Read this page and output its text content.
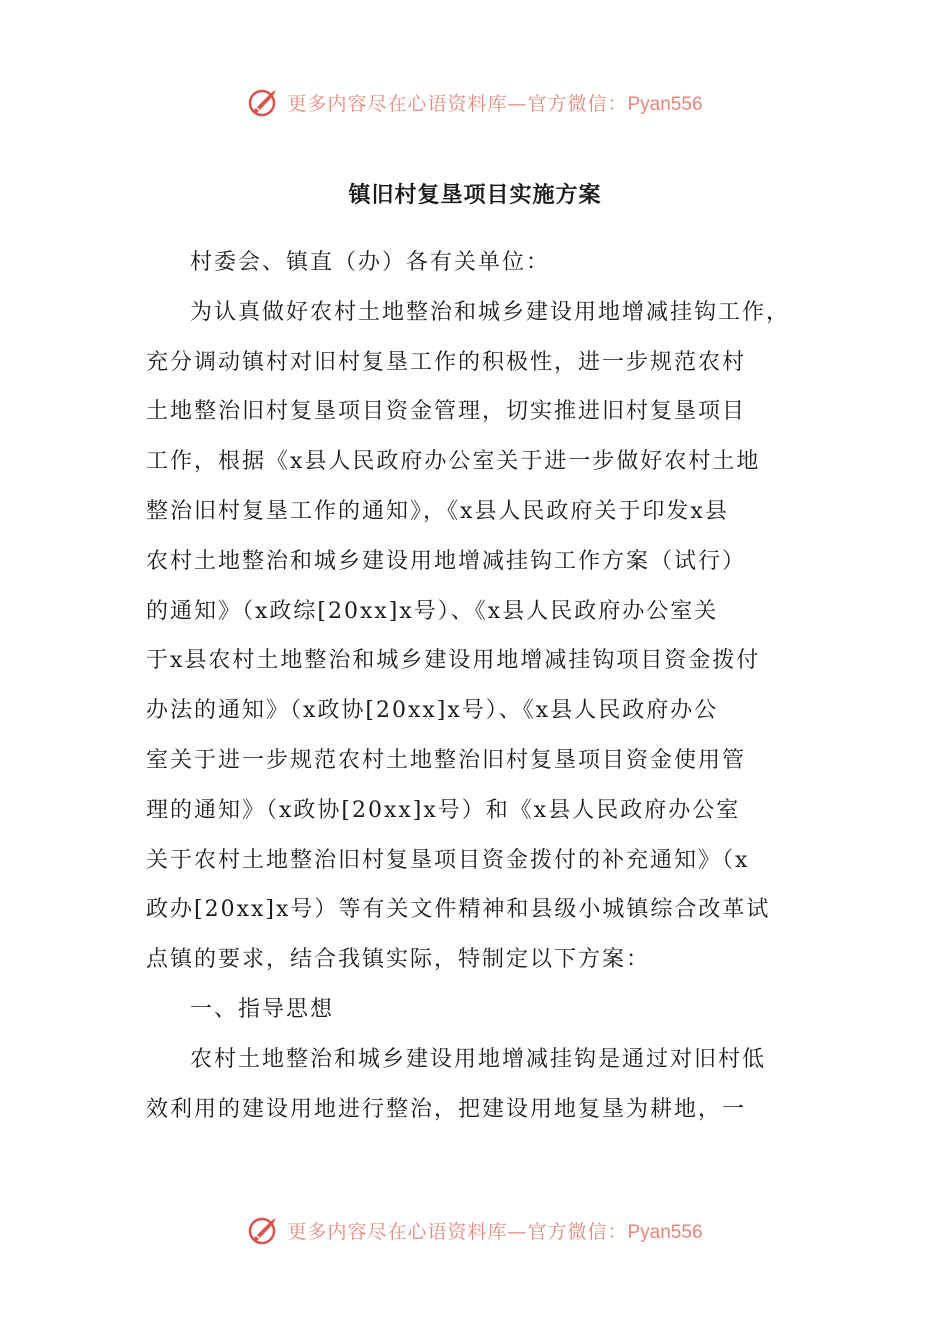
更多内容尽在心语资料库—官方微信：Pyan556
镇旧村复垦项目实施方案
村委会、镇直（办）各有关单位：
为认真做好农村土地整治和城乡建设用地增减挂钩工作，
充分调动镇村对旧村复垦工作的积极性，进一步规范农村
土地整治旧村复垦项目资金管理，切实推进旧村复垦项目
工作，根据《x县人民政府办公室关于进一步做好农村土地
整治旧村复垦工作的通知》，《x县人民政府关于印发x县
农村土地整治和城乡建设用地增减挂钩工作方案（试行）
的通知》（x政综[20xx]x号）、《x县人民政府办公室关
于x县农村土地整治和城乡建设用地增减挂钩项目资金拨付
办法的通知》（x政协[20xx]x号）、《x县人民政府办公
室关于进一步规范农村土地整治旧村复垦项目资金使用管
理的通知》（x政协[20xx]x号）和《x县人民政府办公室
关于农村土地整治旧村复垦项目资金拨付的补充通知》（x
政办[20xx]x号）等有关文件精神和县级小城镇综合改革试
点镇的要求，结合我镇实际，特制定以下方案：
一、指导思想
农村土地整治和城乡建设用地增减挂钩是通过对旧村低
效利用的建设用地进行整治，把建设用地复垦为耕地，一
更多内容尽在心语资料库—官方微信：Pyan556
